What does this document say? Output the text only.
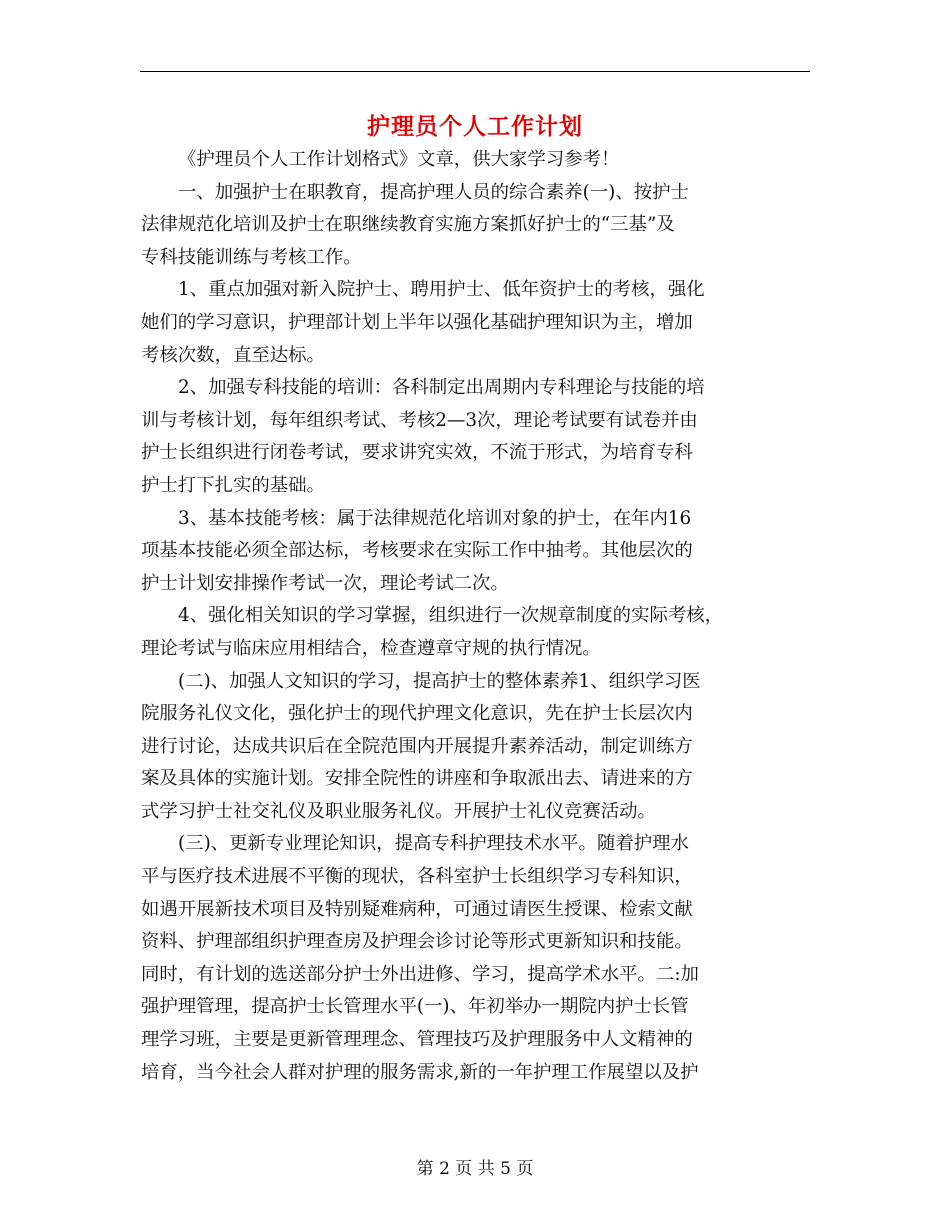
护理员个人工作计划
《护理员个人工作计划格式》文章，供大家学习参考！
一、加强护士在职教育，提高护理人员的综合素养(一)、按护士
法律规范化培训及护士在职继续教育实施方案抓好护士的“三基”及
专科技能训练与考核工作。
1、重点加强对新入院护士、聘用护士、低年资护士的考核，强化
她们的学习意识，护理部计划上半年以强化基础护理知识为主，增加
考核次数，直至达标。
2、加强专科技能的培训：各科制定出周期内专科理论与技能的培
训与考核计划，每年组织考试、考核2—3次，理论考试要有试卷并由
护士长组织进行闭卷考试，要求讲究实效，不流于形式，为培育专科
护士打下扎实的基础。
3、基本技能考核：属于法律规范化培训对象的护士，在年内16
项基本技能必须全部达标，考核要求在实际工作中抽考。其他层次的
护士计划安排操作考试一次，理论考试二次。
4、强化相关知识的学习掌握，组织进行一次规章制度的实际考核，
理论考试与临床应用相结合，检查遵章守规的执行情况。
(二)、加强人文知识的学习，提高护士的整体素养1、组织学习医
院服务礼仪文化，强化护士的现代护理文化意识，先在护士长层次内
进行讨论，达成共识后在全院范围内开展提升素养活动，制定训练方
案及具体的实施计划。安排全院性的讲座和争取派出去、请进来的方
式学习护士社交礼仪及职业服务礼仪。开展护士礼仪竞赛活动。
(三)、更新专业理论知识，提高专科护理技术水平。随着护理水
平与医疗技术进展不平衡的现状，各科室护士长组织学习专科知识，
如遇开展新技术项目及特别疑难病种，可通过请医生授课、检索文献
资料、护理部组织护理查房及护理会诊讨论等形式更新知识和技能。
同时，有计划的选送部分护士外出进修、学习，提高学术水平。二:加
强护理管理，提高护士长管理水平(一)、年初举办一期院内护士长管
理学习班，主要是更新管理理念、管理技巧及护理服务中人文精神的
培育，当今社会人群对护理的服务需求,新的一年护理工作展望以及护
第 2 页 共 5 页
